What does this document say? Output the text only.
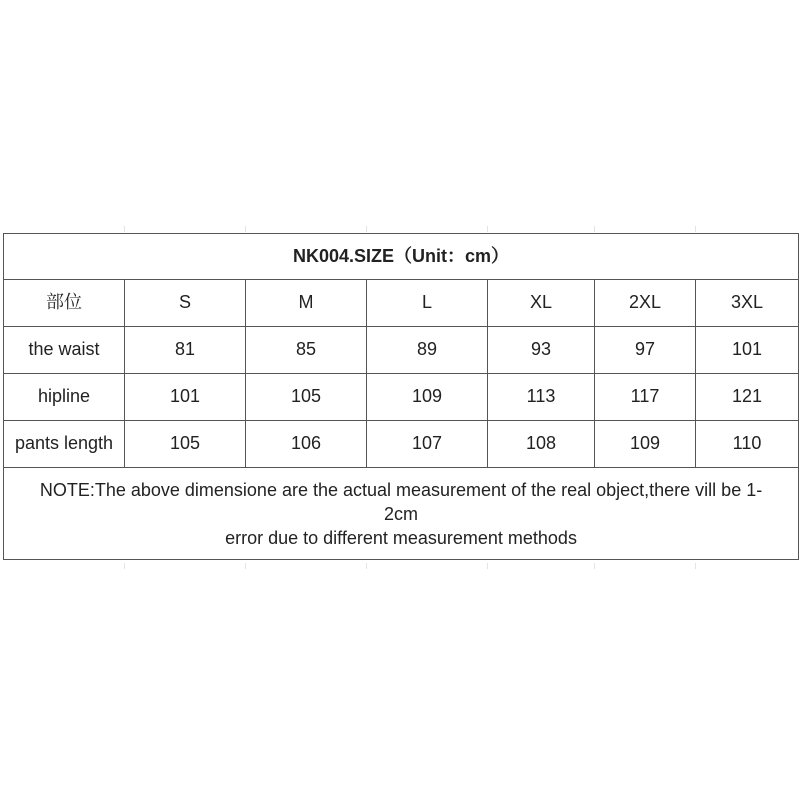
NK004.SIZE（Unit：cm）						
部位	S	M	L	XL	2XL	3XL
the waist	81	85	89	93	97	101
hipline	101	105	109	113	117	121
pants length	105	106	107	108	109	110

NOTE:The above dimensione are the actual measurement of the real object,there vill be 1-
2cm
error due to different measurement methods						
